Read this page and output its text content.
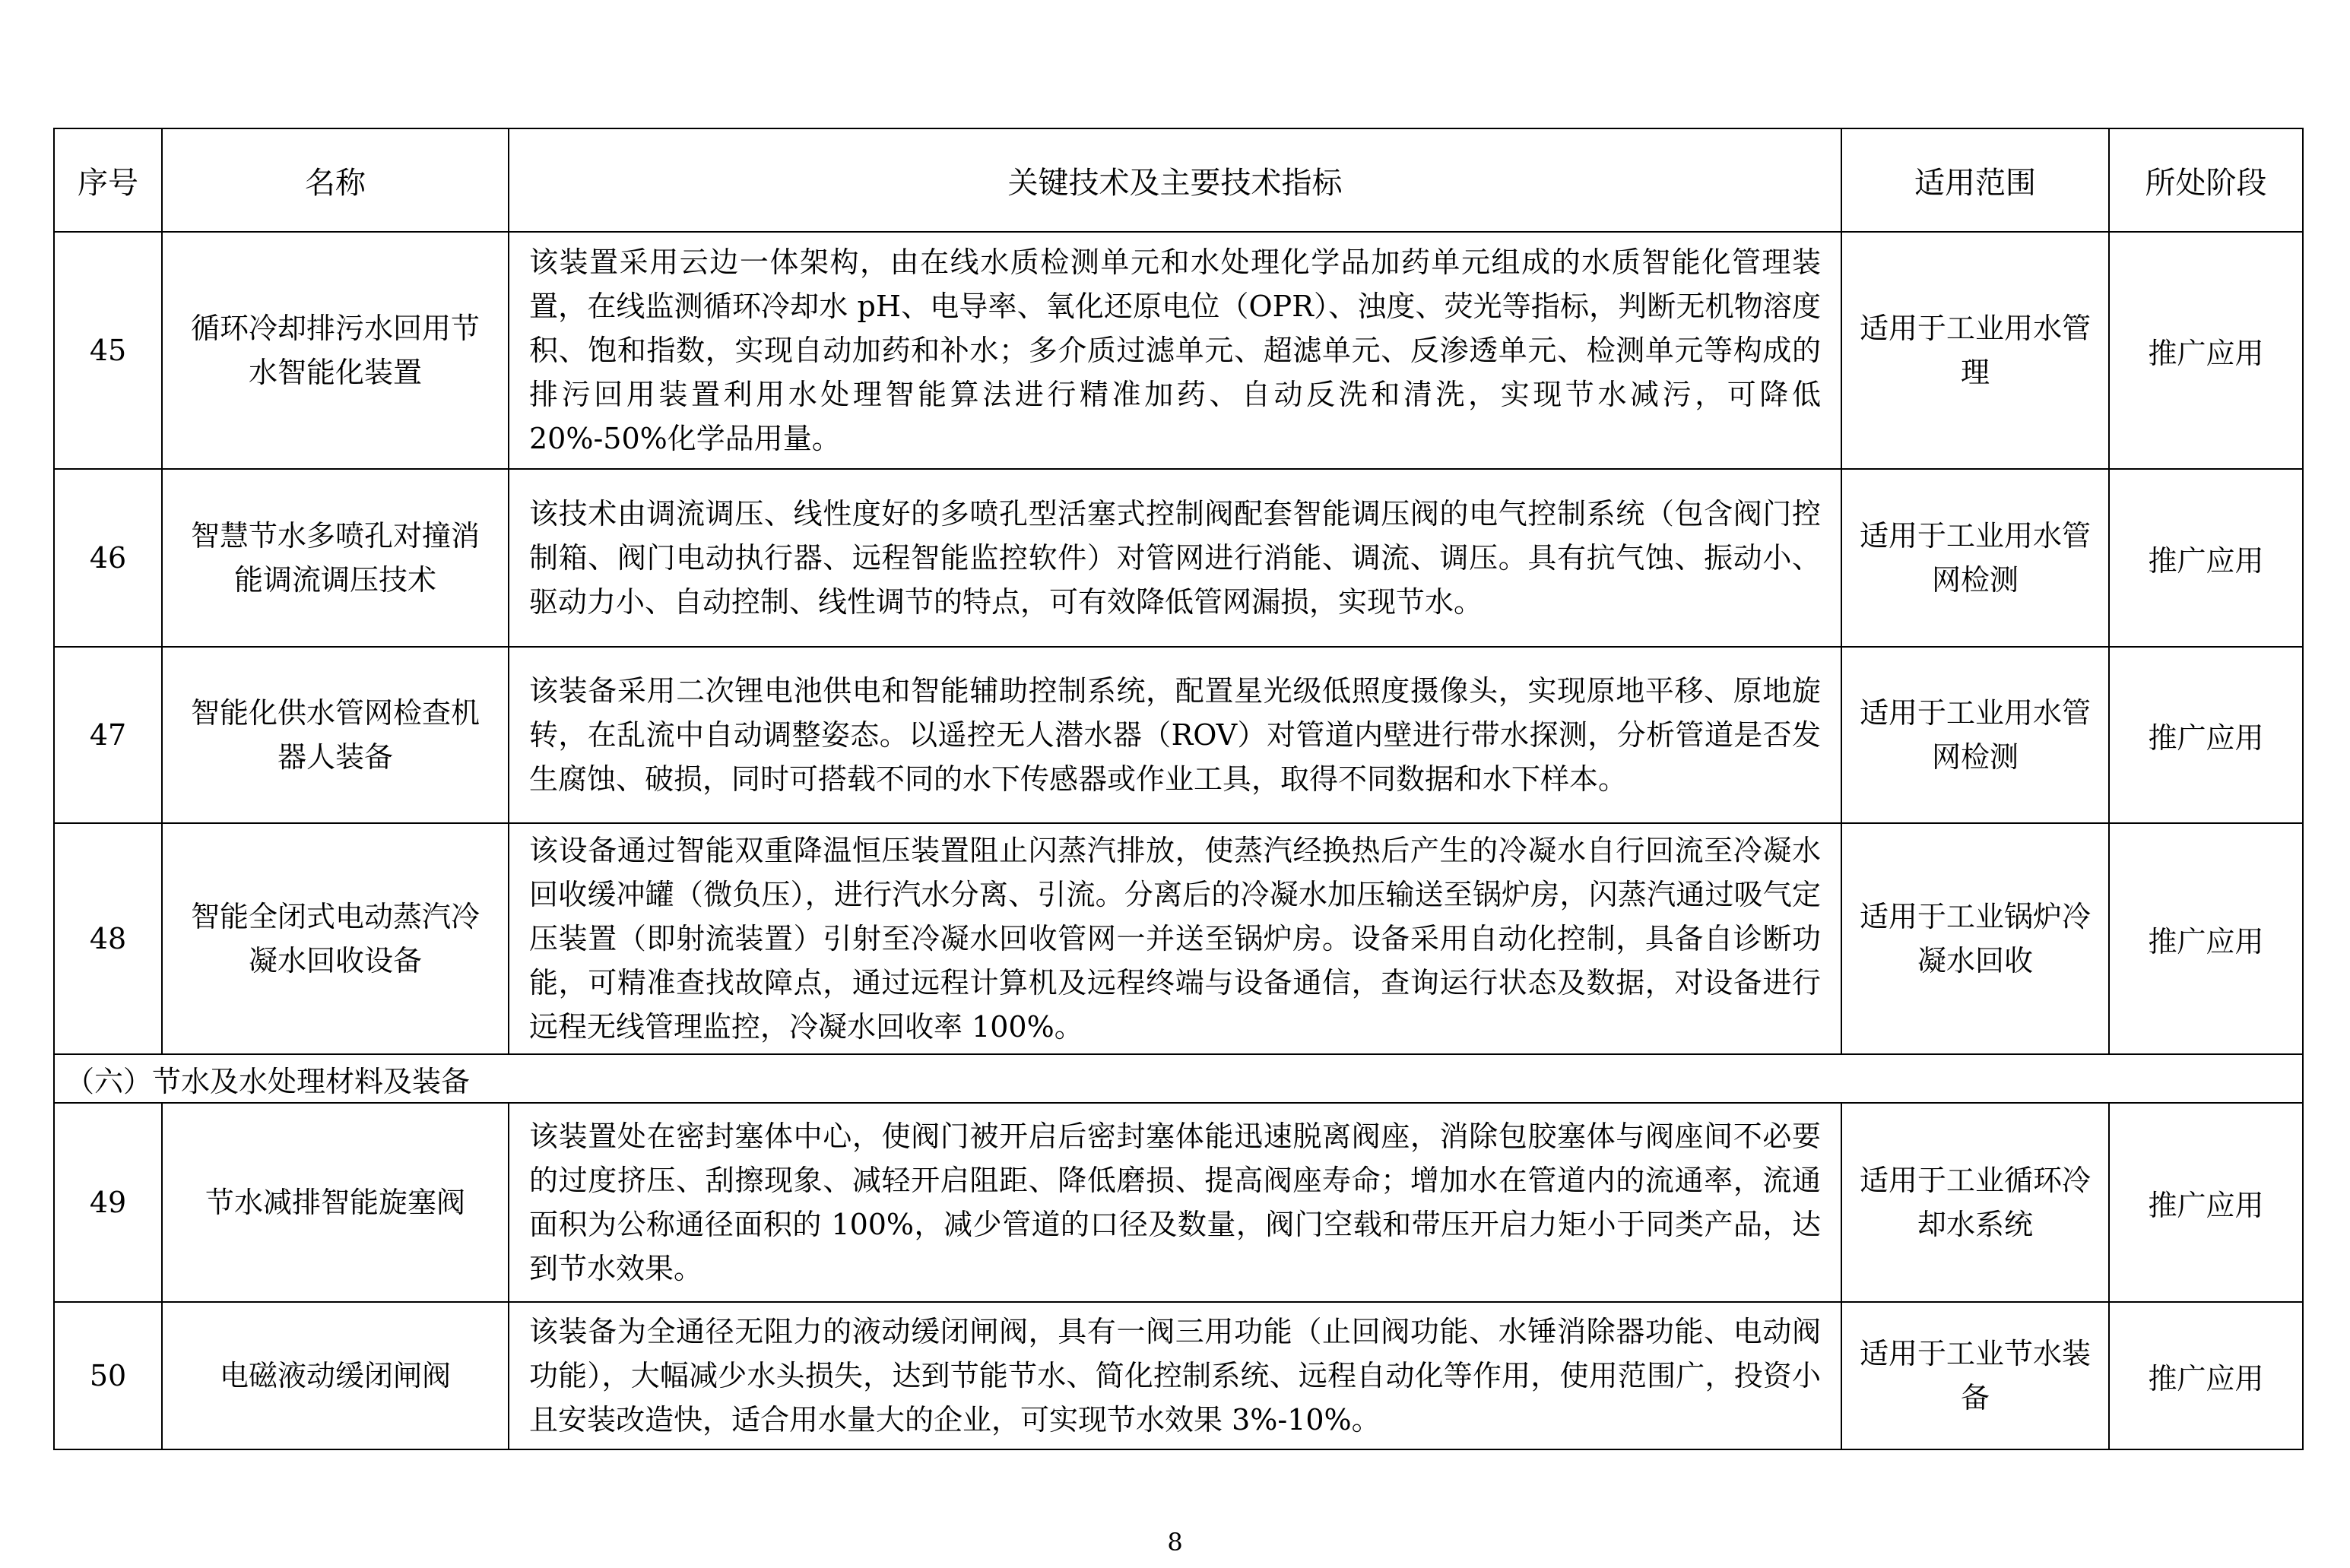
序号	名称	关键技术及主要技术指标	适用范围	所处阶段
45	循环冷却排污水回用节水智能化装置	该装置采用云边一体架构，由在线水质检测单元和水处理化学品加药单元组成的水质智能化管理装置，在线监测循环冷却水 pH、电导率、氧化还原电位（OPR）、浊度、荧光等指标，判断无机物溶度积、饱和指数，实现自动加药和补水；多介质过滤单元、超滤单元、反渗透单元、检测单元等构成的排污回用装置利用水处理智能算法进行精准加药、自动反洗和清洗，实现节水减污，可降低 20%-50%化学品用量。	适用于工业用水管理	推广应用
46	智慧节水多喷孔对撞消能调流调压技术	该技术由调流调压、线性度好的多喷孔型活塞式控制阀配套智能调压阀的电气控制系统（包含阀门控制箱、阀门电动执行器、远程智能监控软件）对管网进行消能、调流、调压。具有抗气蚀、振动小、驱动力小、自动控制、线性调节的特点，可有效降低管网漏损，实现节水。	适用于工业用水管网检测	推广应用
47	智能化供水管网检查机器人装备	该装备采用二次锂电池供电和智能辅助控制系统，配置星光级低照度摄像头，实现原地平移、原地旋转，在乱流中自动调整姿态。以遥控无人潜水器（ROV）对管道内壁进行带水探测，分析管道是否发生腐蚀、破损，同时可搭载不同的水下传感器或作业工具，取得不同数据和水下样本。	适用于工业用水管网检测	推广应用
48	智能全闭式电动蒸汽冷凝水回收设备	该设备通过智能双重降温恒压装置阻止闪蒸汽排放，使蒸汽经换热后产生的冷凝水自行回流至冷凝水回收缓冲罐（微负压），进行汽水分离、引流。分离后的冷凝水加压输送至锅炉房，闪蒸汽通过吸气定压装置（即射流装置）引射至冷凝水回收管网一并送至锅炉房。设备采用自动化控制，具备自诊断功能，可精准查找故障点，通过远程计算机及远程终端与设备通信，查询运行状态及数据，对设备进行远程无线管理监控，冷凝水回收率 100%。	适用于工业锅炉冷凝水回收	推广应用
（六）节水及水处理材料及装备				
49	节水减排智能旋塞阀	该装置处在密封塞体中心，使阀门被开启后密封塞体能迅速脱离阀座，消除包胶塞体与阀座间不必要的过度挤压、刮擦现象、减轻开启阻距、降低磨损、提高阀座寿命；增加水在管道内的流通率，流通面积为公称通径面积的 100%，减少管道的口径及数量，阀门空载和带压开启力矩小于同类产品，达到节水效果。	适用于工业循环冷却水系统	推广应用
50	电磁液动缓闭闸阀	该装备为全通径无阻力的液动缓闭闸阀，具有一阀三用功能（止回阀功能、水锤消除器功能、电动阀功能），大幅减少水头损失，达到节能节水、简化控制系统、远程自动化等作用，使用范围广，投资小且安装改造快，适合用水量大的企业，可实现节水效果 3%-10%。	适用于工业节水装备	推广应用
8
